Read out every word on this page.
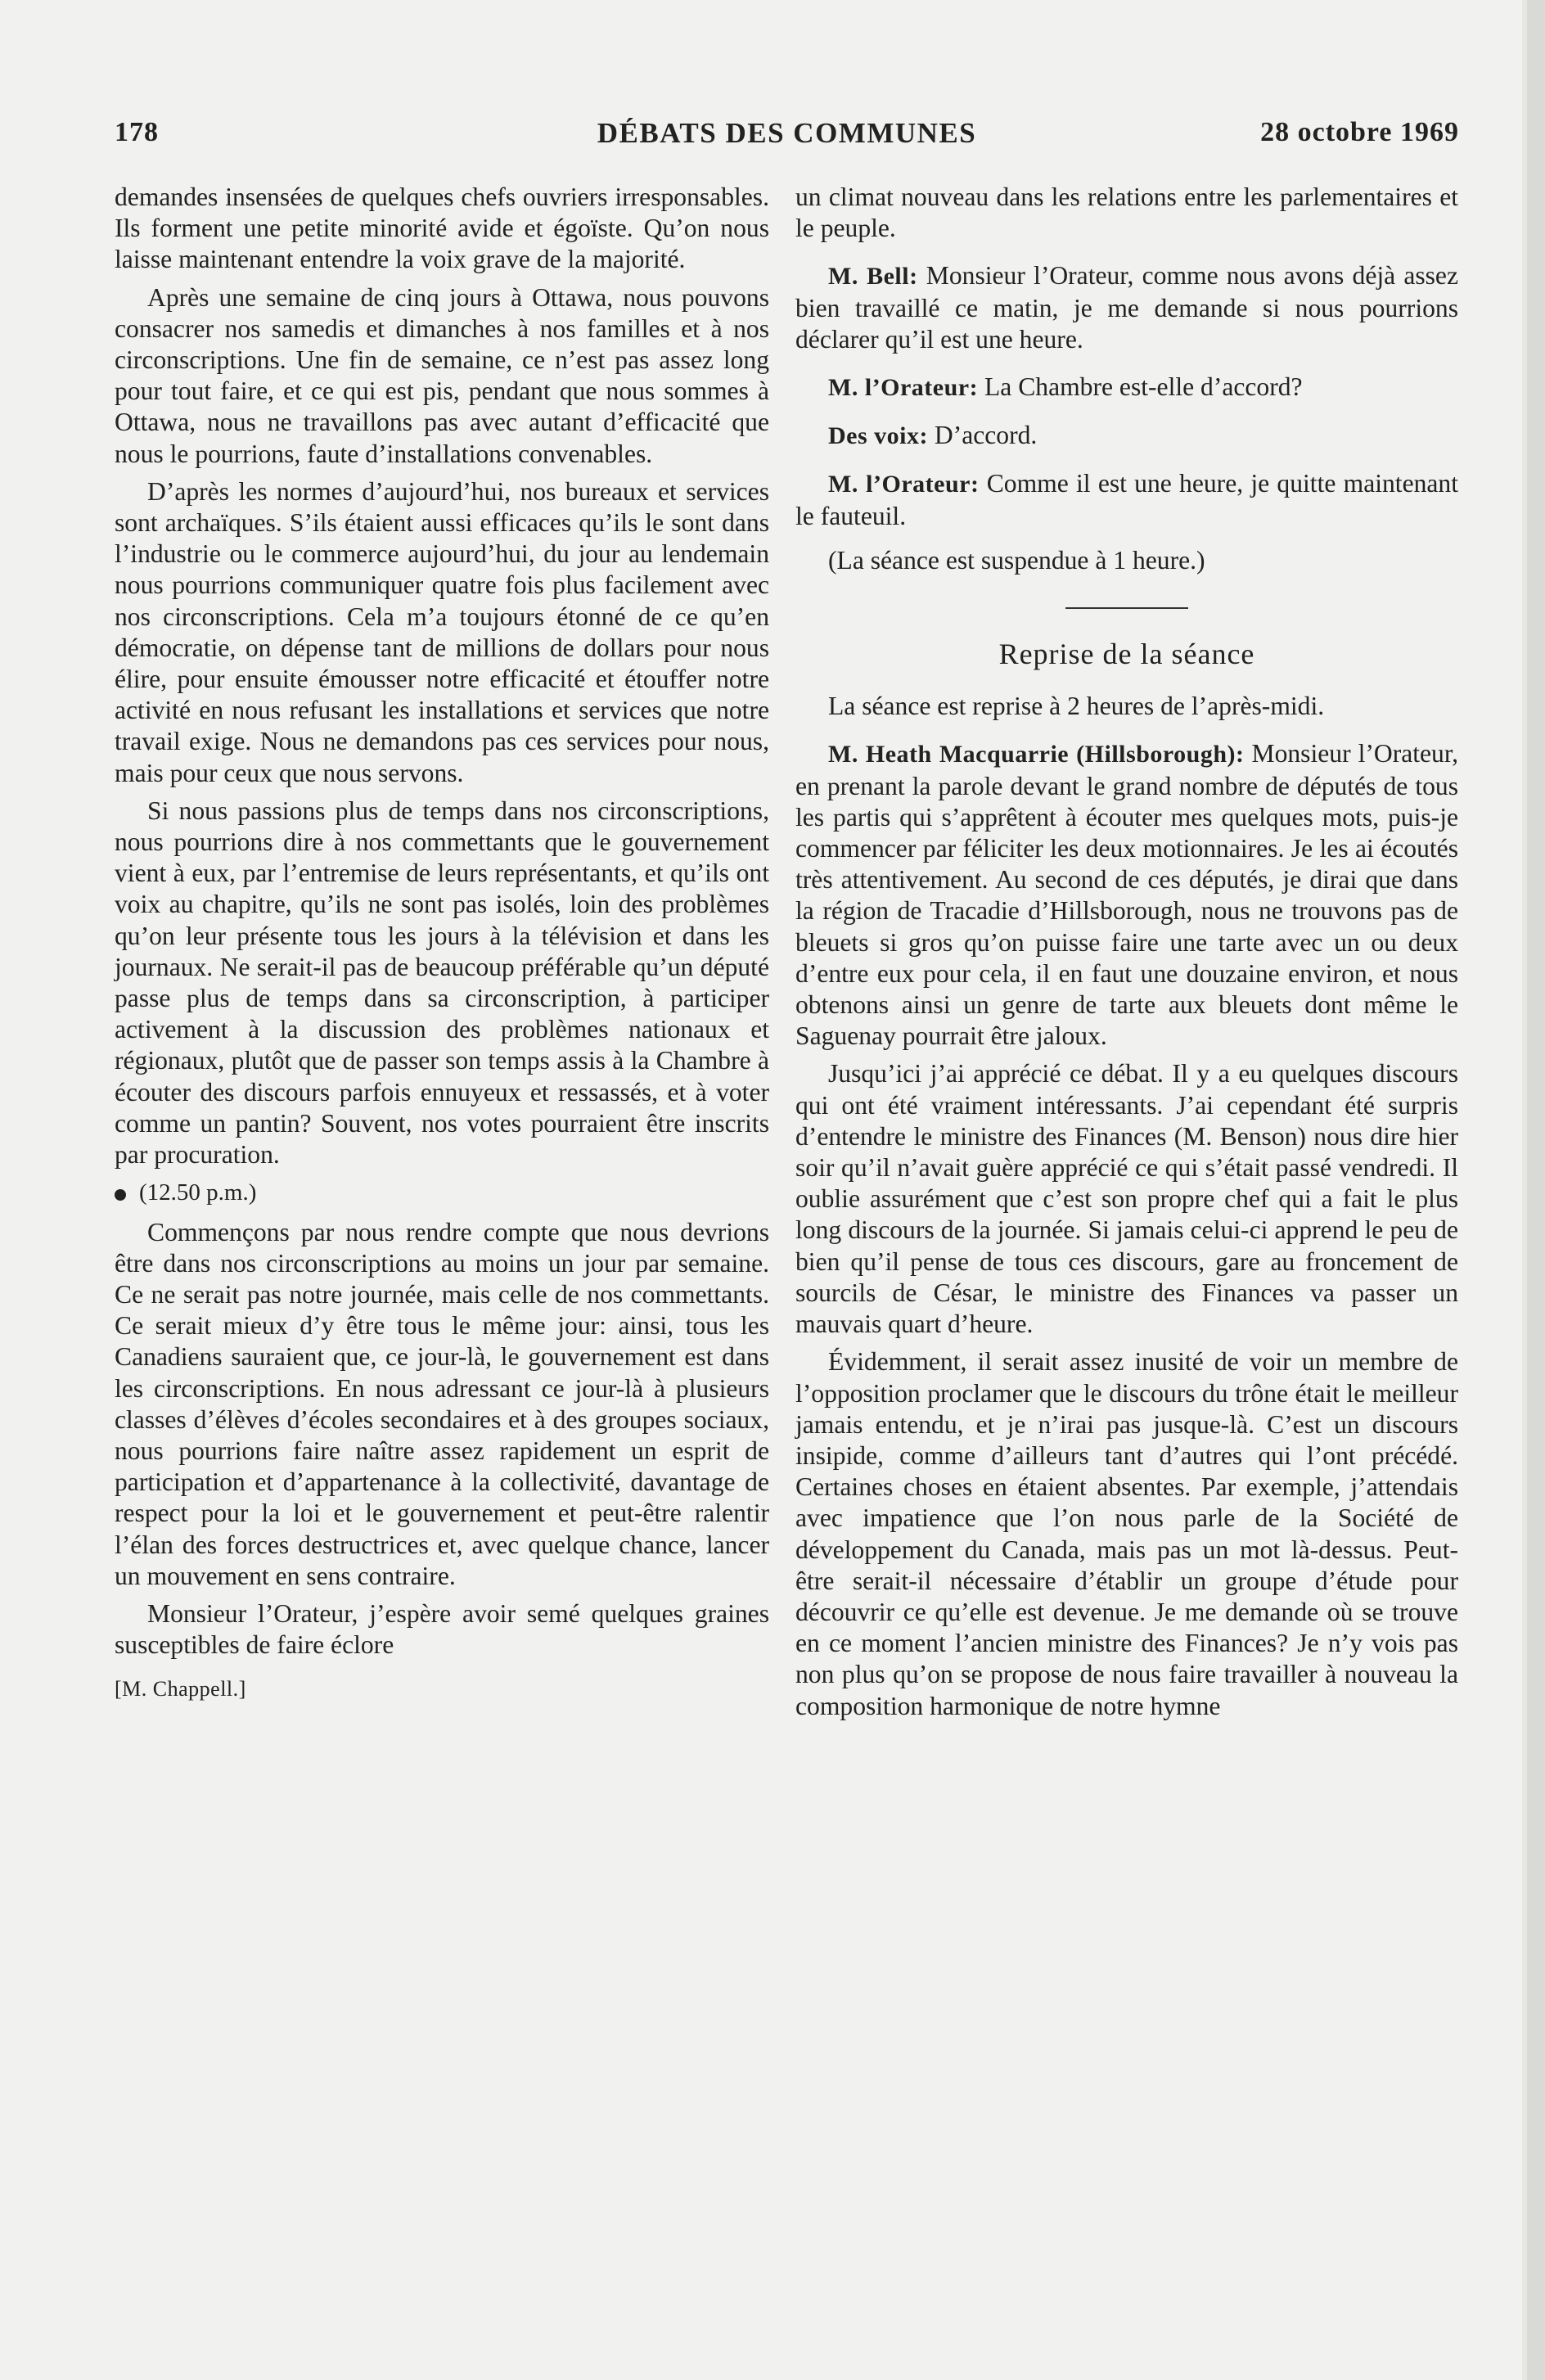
178	DÉBATS DES COMMUNES	28 octobre 1969

demandes insensées de quelques chefs ouvriers irresponsables. Ils forment une petite minorité avide et égoïste. Qu’on nous laisse maintenant entendre la voix grave de la majorité.

Après une semaine de cinq jours à Ottawa, nous pouvons consacrer nos samedis et dimanches à nos familles et à nos circonscriptions. Une fin de semaine, ce n’est pas assez long pour tout faire, et ce qui est pis, pendant que nous sommes à Ottawa, nous ne travaillons pas avec autant d’efficacité que nous le pourrions, faute d’installations convenables.

D’après les normes d’aujourd’hui, nos bureaux et services sont archaïques. S’ils étaient aussi efficaces qu’ils le sont dans l’industrie ou le commerce aujourd’hui, du jour au lendemain nous pourrions communiquer quatre fois plus facilement avec nos circonscriptions. Cela m’a toujours étonné de ce qu’en démocratie, on dépense tant de millions de dollars pour nous élire, pour ensuite émousser notre efficacité et étouffer notre activité en nous refusant les installations et services que notre travail exige. Nous ne demandons pas ces services pour nous, mais pour ceux que nous servons.

Si nous passions plus de temps dans nos circonscriptions, nous pourrions dire à nos commettants que le gouvernement vient à eux, par l’entremise de leurs représentants, et qu’ils ont voix au chapitre, qu’ils ne sont pas isolés, loin des problèmes qu’on leur présente tous les jours à la télévision et dans les journaux. Ne serait-il pas de beaucoup préférable qu’un député passe plus de temps dans sa circonscription, à participer activement à la discussion des problèmes nationaux et régionaux, plutôt que de passer son temps assis à la Chambre à écouter des discours parfois ennuyeux et ressassés, et à voter comme un pantin? Souvent, nos votes pourraient être inscrits par procuration.

(12.50 p.m.)

Commençons par nous rendre compte que nous devrions être dans nos circonscriptions au moins un jour par semaine. Ce ne serait pas notre journée, mais celle de nos commettants. Ce serait mieux d’y être tous le même jour: ainsi, tous les Canadiens sauraient que, ce jour-là, le gouvernement est dans les circonscriptions. En nous adressant ce jour-là à plusieurs classes d’élèves d’écoles secondaires et à des groupes sociaux, nous pourrions faire naître assez rapidement un esprit de participation et d’appartenance à la collectivité, davantage de respect pour la loi et le gouvernement et peut-être ralentir l’élan des forces destructrices et, avec quelque chance, lancer un mouvement en sens contraire.

Monsieur l’Orateur, j’espère avoir semé quelques graines susceptibles de faire éclore

[M. Chappell.]

un climat nouveau dans les relations entre les parlementaires et le peuple.

M. Bell: Monsieur l’Orateur, comme nous avons déjà assez bien travaillé ce matin, je me demande si nous pourrions déclarer qu’il est une heure.

M. l’Orateur: La Chambre est-elle d’accord?

Des voix: D’accord.

M. l’Orateur: Comme il est une heure, je quitte maintenant le fauteuil.

(La séance est suspendue à 1 heure.)

Reprise de la séance

La séance est reprise à 2 heures de l’après-midi.

M. Heath Macquarrie (Hillsborough): Monsieur l’Orateur, en prenant la parole devant le grand nombre de députés de tous les partis qui s’apprêtent à écouter mes quelques mots, puis-je commencer par féliciter les deux motionnaires. Je les ai écoutés très attentivement. Au second de ces députés, je dirai que dans la région de Tracadie d’Hillsborough, nous ne trouvons pas de bleuets si gros qu’on puisse faire une tarte avec un ou deux d’entre eux pour cela, il en faut une douzaine environ, et nous obtenons ainsi un genre de tarte aux bleuets dont même le Saguenay pourrait être jaloux.

Jusqu’ici j’ai apprécié ce débat. Il y a eu quelques discours qui ont été vraiment intéressants. J’ai cependant été surpris d’entendre le ministre des Finances (M. Benson) nous dire hier soir qu’il n’avait guère apprécié ce qui s’était passé vendredi. Il oublie assurément que c’est son propre chef qui a fait le plus long discours de la journée. Si jamais celui-ci apprend le peu de bien qu’il pense de tous ces discours, gare au froncement de sourcils de César, le ministre des Finances va passer un mauvais quart d’heure.

Évidemment, il serait assez inusité de voir un membre de l’opposition proclamer que le discours du trône était le meilleur jamais entendu, et je n’irai pas jusque-là. C’est un discours insipide, comme d’ailleurs tant d’autres qui l’ont précédé. Certaines choses en étaient absentes. Par exemple, j’attendais avec impatience que l’on nous parle de la Société de développement du Canada, mais pas un mot là-dessus. Peut-être serait-il nécessaire d’établir un groupe d’étude pour découvrir ce qu’elle est devenue. Je me demande où se trouve en ce moment l’ancien ministre des Finances? Je n’y vois pas non plus qu’on se propose de nous faire travailler à nouveau la composition harmonique de notre hymne
